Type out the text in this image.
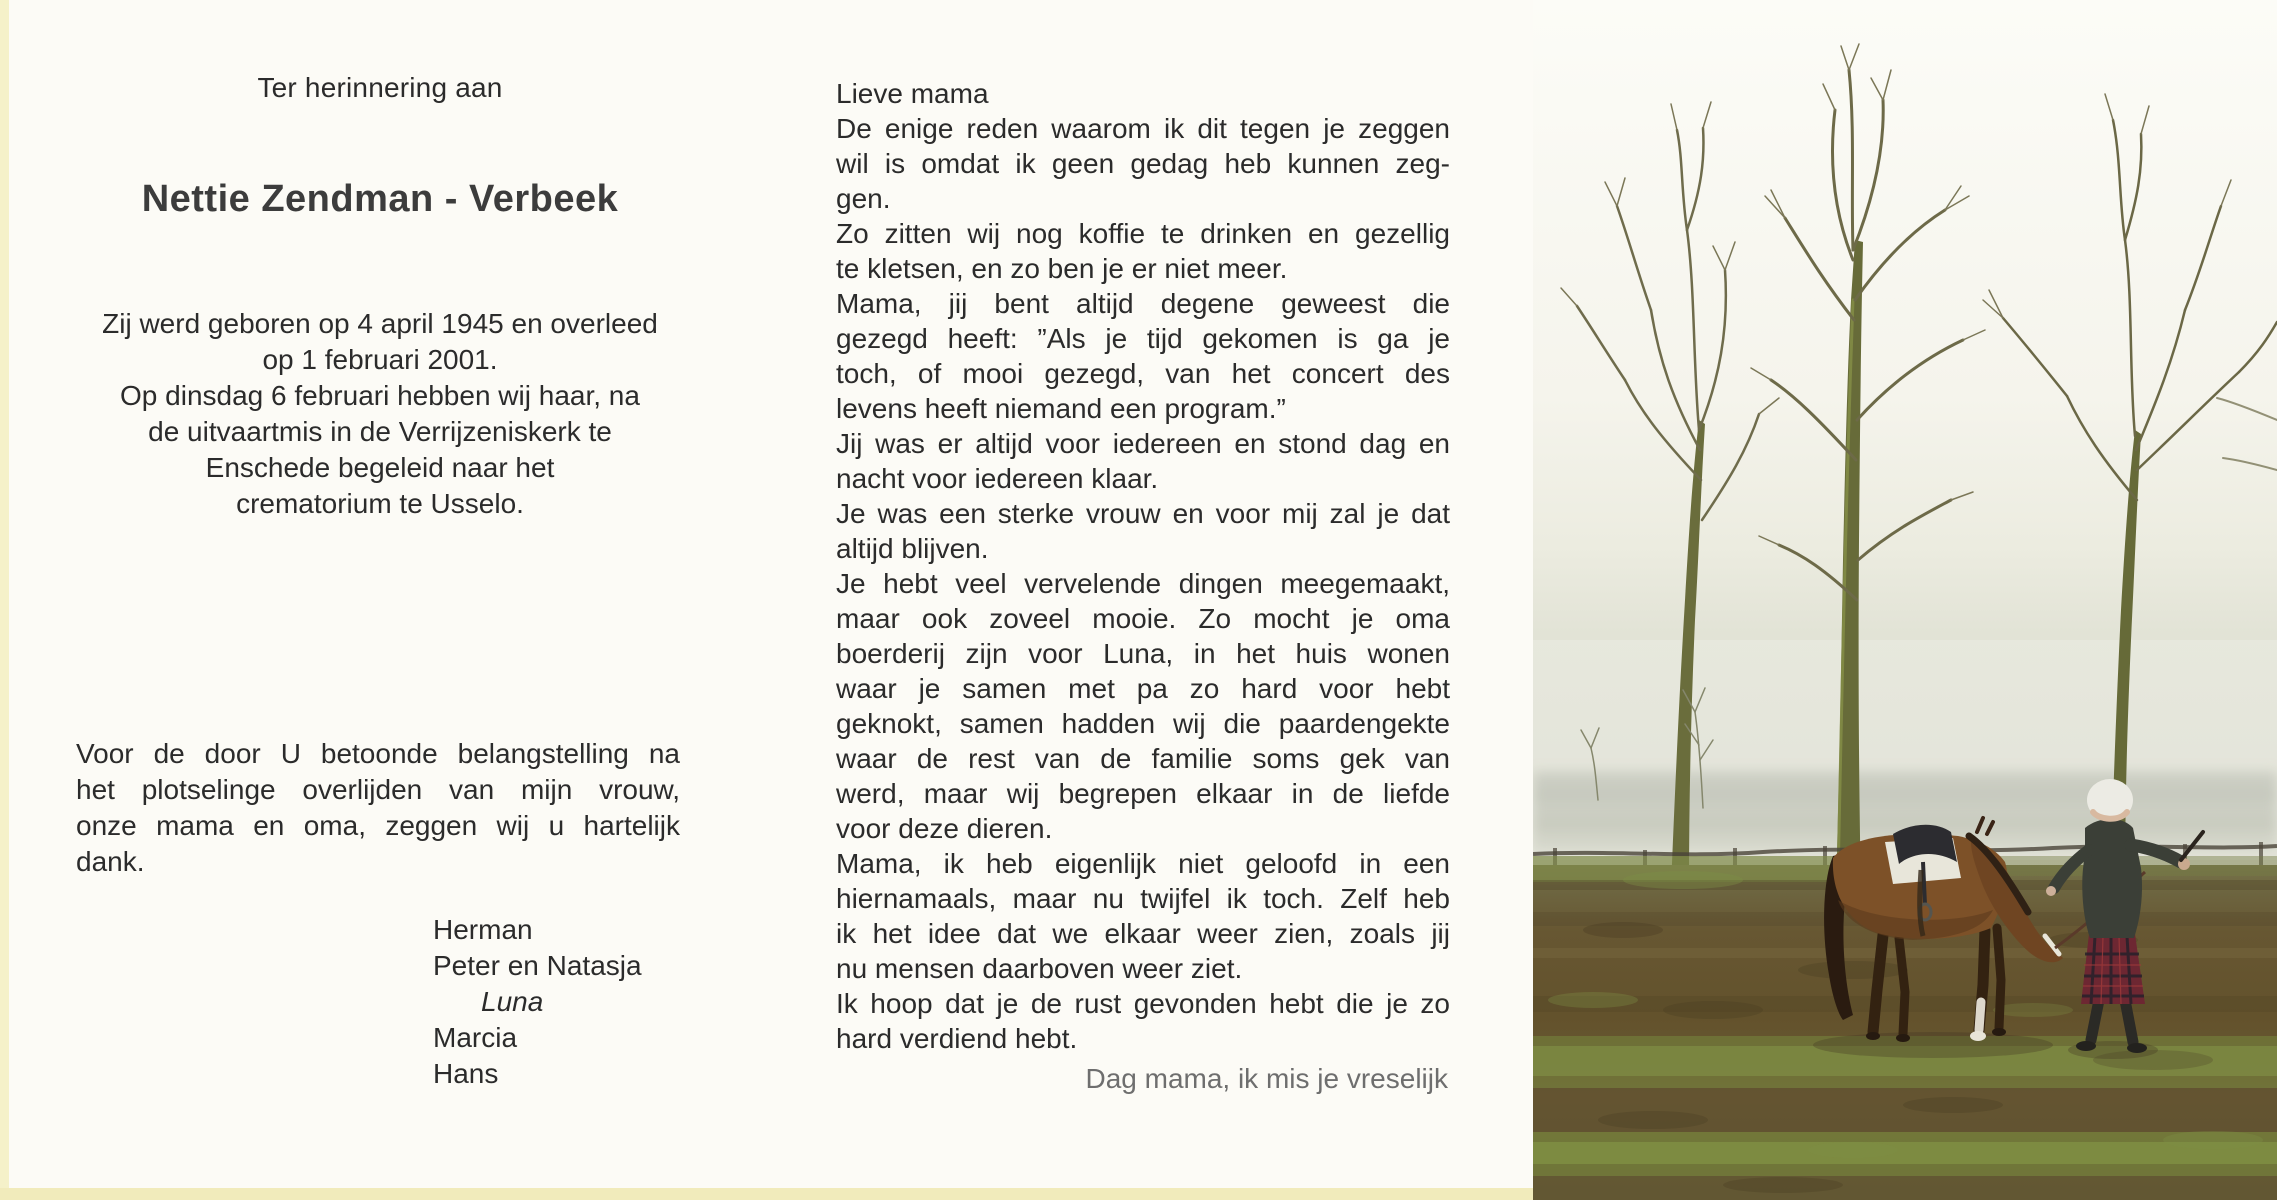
Ter herinnering aan
Nettie Zendman - Verbeek
Zij werd geboren op 4 april 1945 en overleed
op 1 februari 2001.
Op dinsdag 6 februari hebben wij haar, na
de uitvaartmis in de Verrijzeniskerk te
Enschede begeleid naar het
crematorium te Usselo.
Voor de door U betoonde belangstelling na
het plotselinge overlijden van mijn vrouw,
onze mama en oma, zeggen wij u hartelijk
dank.
Herman
Peter en Natasja
Luna
Marcia
Hans
Lieve mama
De enige reden waarom ik dit tegen je zeggen
wil is omdat ik geen gedag heb kunnen zeg-
gen.
Zo zitten wij nog koffie te drinken en gezellig
te kletsen, en zo ben je er niet meer.
Mama, jij bent altijd degene geweest die
gezegd heeft: ”Als je tijd gekomen is ga je
toch, of mooi gezegd, van het concert des
levens heeft niemand een program.”
Jij was er altijd voor iedereen en stond dag en
nacht voor iedereen klaar.
Je was een sterke vrouw en voor mij zal je dat
altijd blijven.
Je hebt veel vervelende dingen meegemaakt,
maar ook zoveel mooie. Zo mocht je oma
boerderij zijn voor Luna, in het huis wonen
waar je samen met pa zo hard voor hebt
geknokt, samen hadden wij die paardengekte
waar de rest van de familie soms gek van
werd, maar wij begrepen elkaar in de liefde
voor deze dieren.
Mama, ik heb eigenlijk niet geloofd in een
hiernamaals, maar nu twijfel ik toch. Zelf heb
ik het idee dat we elkaar weer zien, zoals jij
nu mensen daarboven weer ziet.
Ik hoop dat je de rust gevonden hebt die je zo
hard verdiend hebt.
Dag mama, ik mis je vreselijk
